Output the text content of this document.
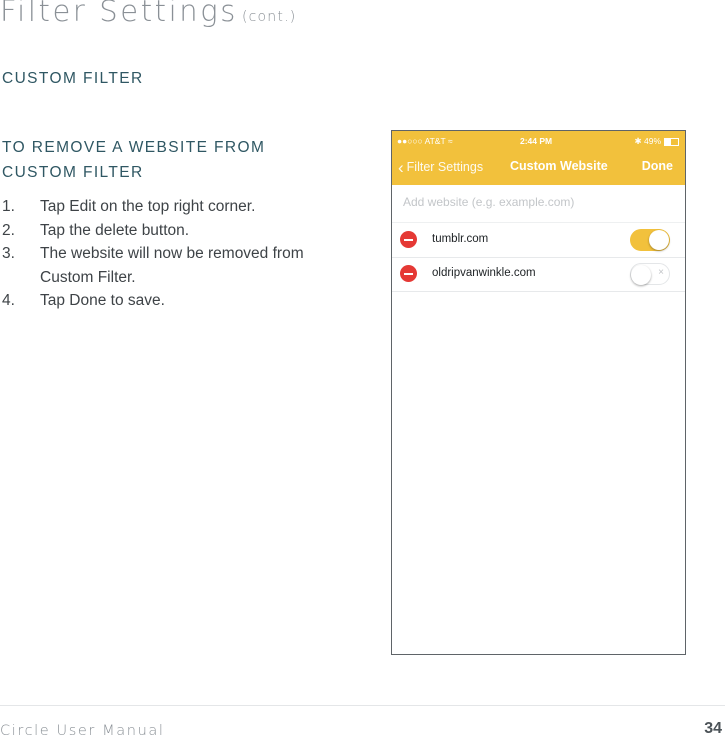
Filter Settings (cont.)
CUSTOM FILTER
TO REMOVE A WEBSITE FROM CUSTOM FILTER
1. Tap Edit on the top right corner.
2. Tap the delete button.
3. The website will now be removed from Custom Filter.
4. Tap Done to save.
●●○○○ AT&T ≈	2:44 PM	✱ 49%
‹ Filter Settings Custom Website	Done
Add website (e.g. example.com)
tumblr.com
oldripvanwinkle.com	×
Circle User Manual	34
